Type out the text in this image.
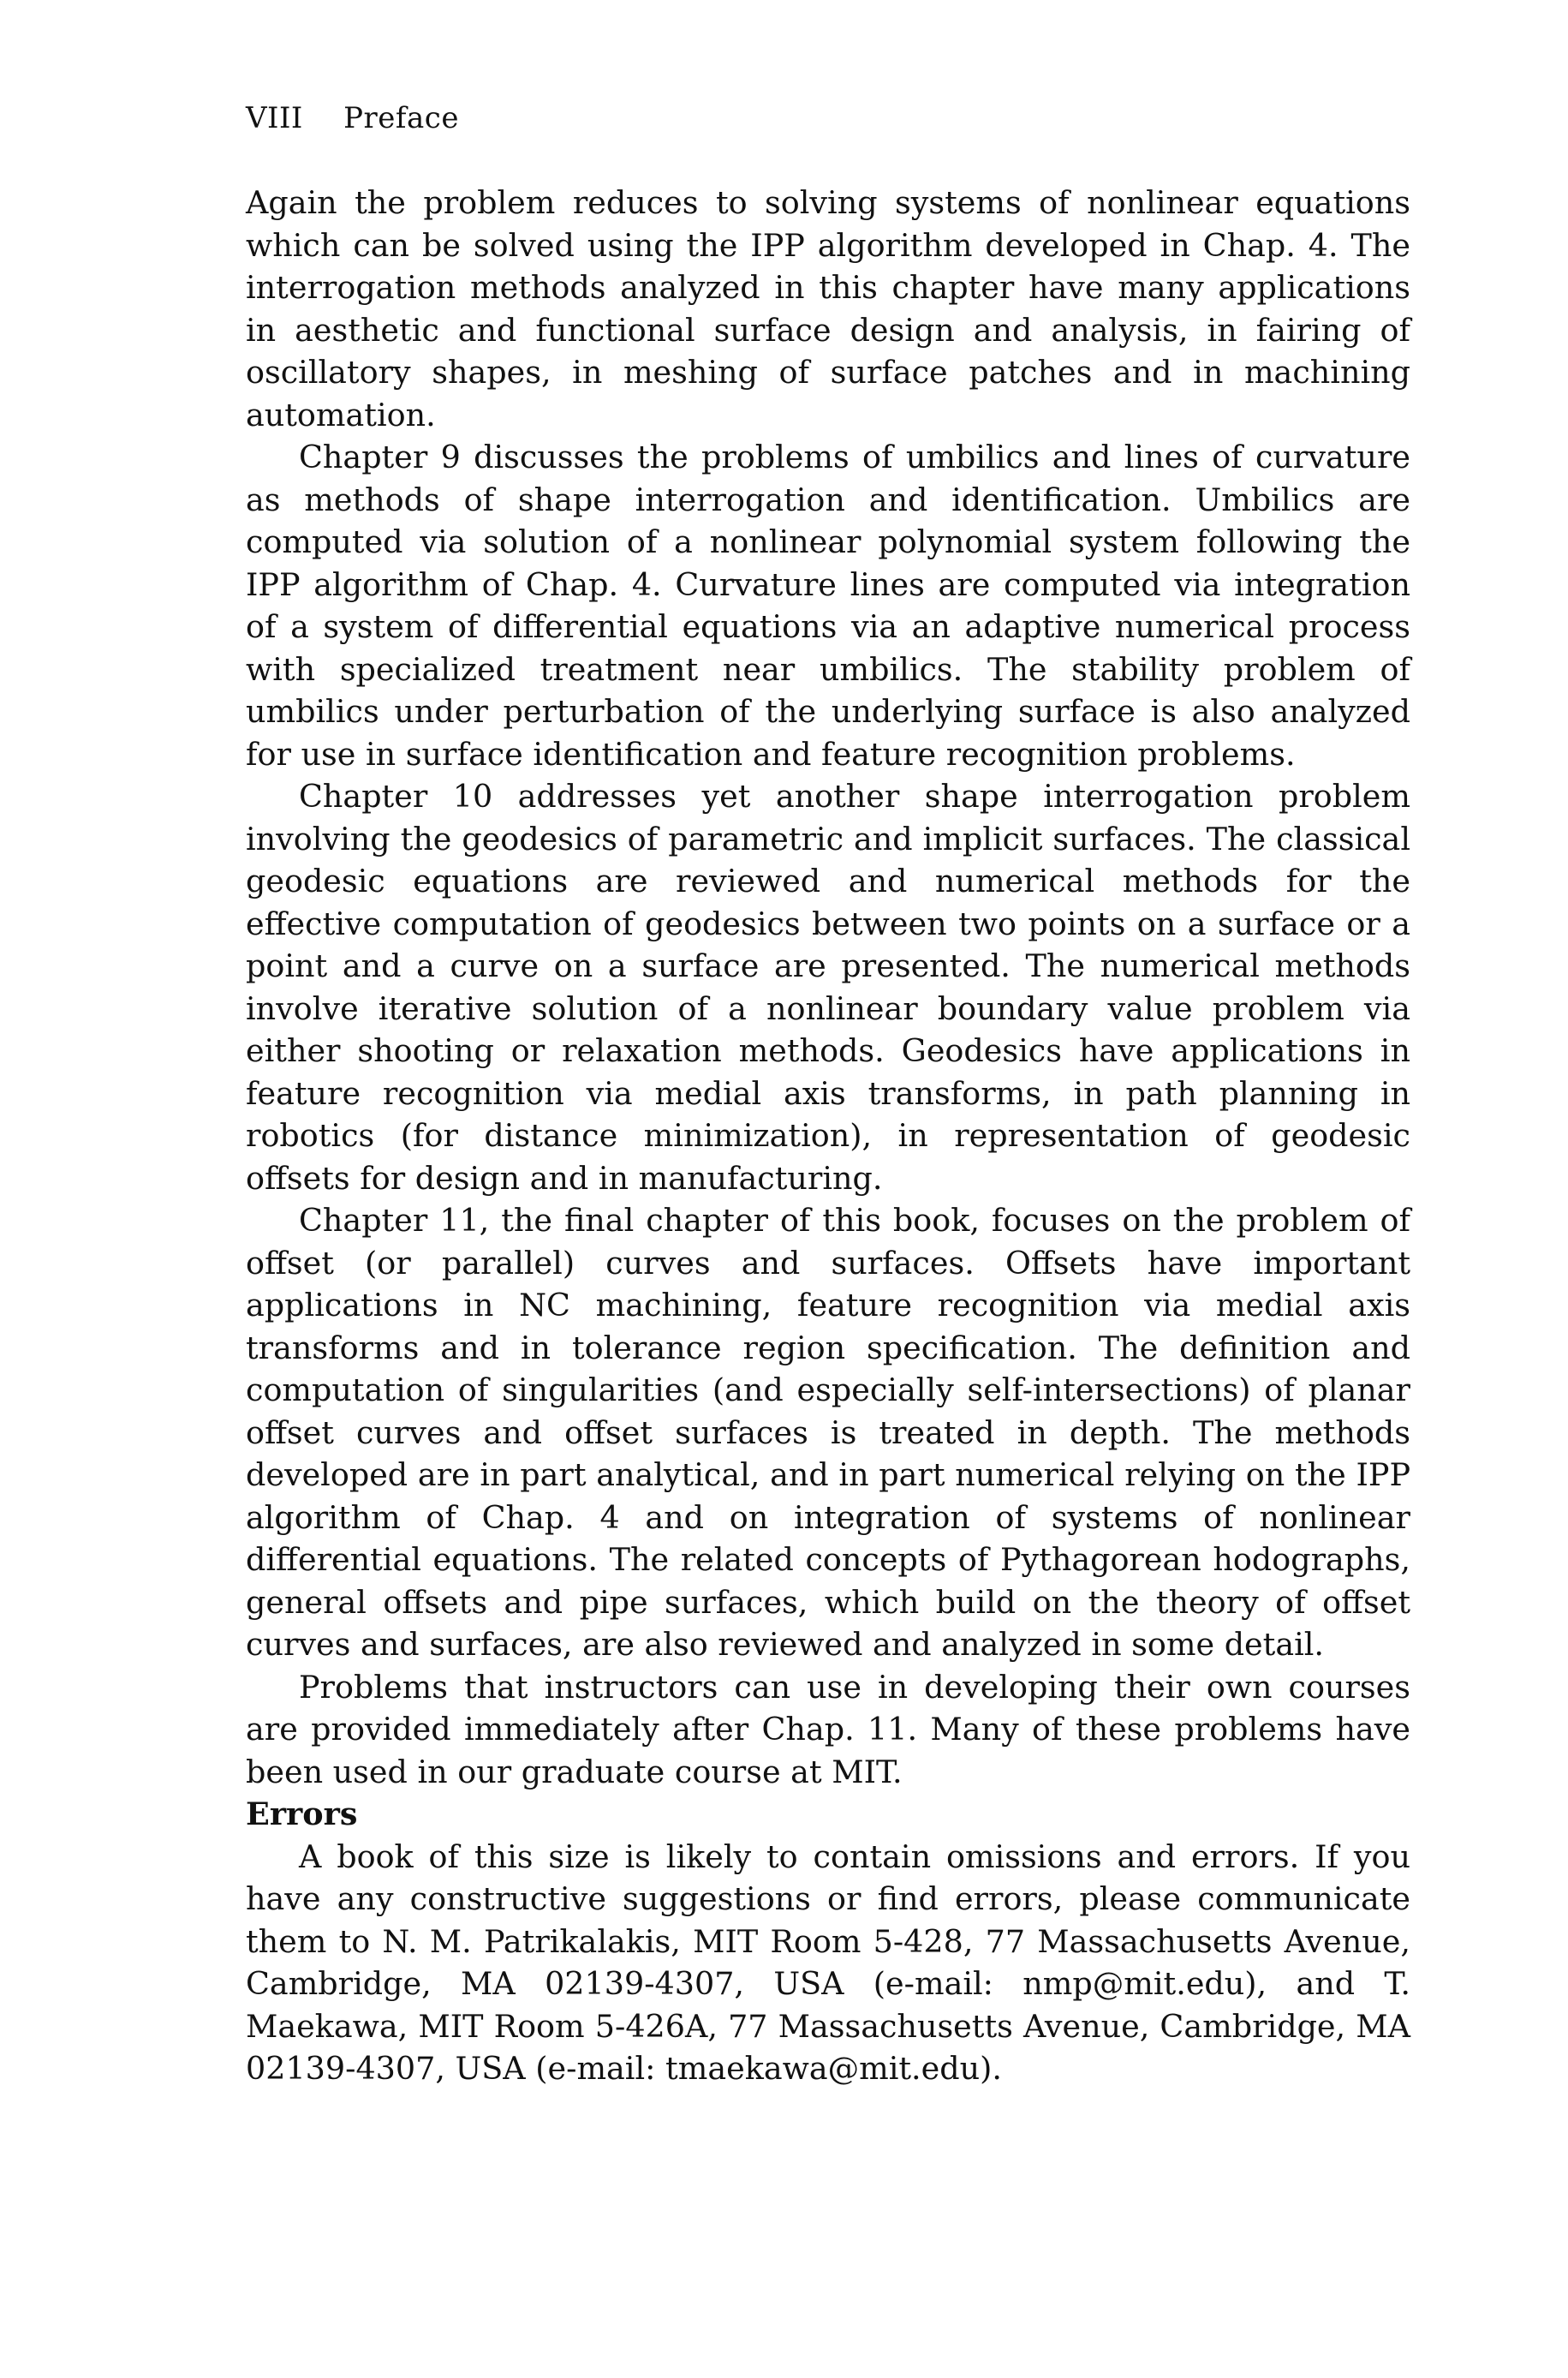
VIII Preface

Again the problem reduces to solving systems of nonlinear equations which can be solved using the IPP algorithm developed in Chap. 4. The interrogation methods analyzed in this chapter have many applications in aesthetic and functional surface design and analysis, in fairing of oscillatory shapes, in meshing of surface patches and in machining automation.

Chapter 9 discusses the problems of umbilics and lines of curvature as methods of shape interrogation and identification. Umbilics are computed via solution of a nonlinear polynomial system following the IPP algorithm of Chap. 4. Curvature lines are computed via integration of a system of differential equations via an adaptive numerical process with specialized treatment near umbilics. The stability problem of umbilics under perturbation of the underlying surface is also analyzed for use in surface identification and feature recognition problems.

Chapter 10 addresses yet another shape interrogation problem involving the geodesics of parametric and implicit surfaces. The classical geodesic equations are reviewed and numerical methods for the effective computation of geodesics between two points on a surface or a point and a curve on a surface are presented. The numerical methods involve iterative solution of a nonlinear boundary value problem via either shooting or relaxation methods. Geodesics have applications in feature recognition via medial axis transforms, in path planning in robotics (for distance minimization), in representation of geodesic offsets for design and in manufacturing.

Chapter 11, the final chapter of this book, focuses on the problem of offset (or parallel) curves and surfaces. Offsets have important applications in NC machining, feature recognition via medial axis transforms and in tolerance region specification. The definition and computation of singularities (and especially self-intersections) of planar offset curves and offset surfaces is treated in depth. The methods developed are in part analytical, and in part numerical relying on the IPP algorithm of Chap. 4 and on integration of systems of nonlinear differential equations. The related concepts of Pythagorean hodographs, general offsets and pipe surfaces, which build on the theory of offset curves and surfaces, are also reviewed and analyzed in some detail.

Problems that instructors can use in developing their own courses are provided immediately after Chap. 11. Many of these problems have been used in our graduate course at MIT.

Errors

A book of this size is likely to contain omissions and errors. If you have any constructive suggestions or find errors, please communicate them to N. M. Patrikalakis, MIT Room 5-428, 77 Massachusetts Avenue, Cambridge, MA 02139-4307, USA (e-mail: nmp@mit.edu), and T. Maekawa, MIT Room 5-426A, 77 Massachusetts Avenue, Cambridge, MA 02139-4307, USA (e-mail: tmaekawa@mit.edu).
